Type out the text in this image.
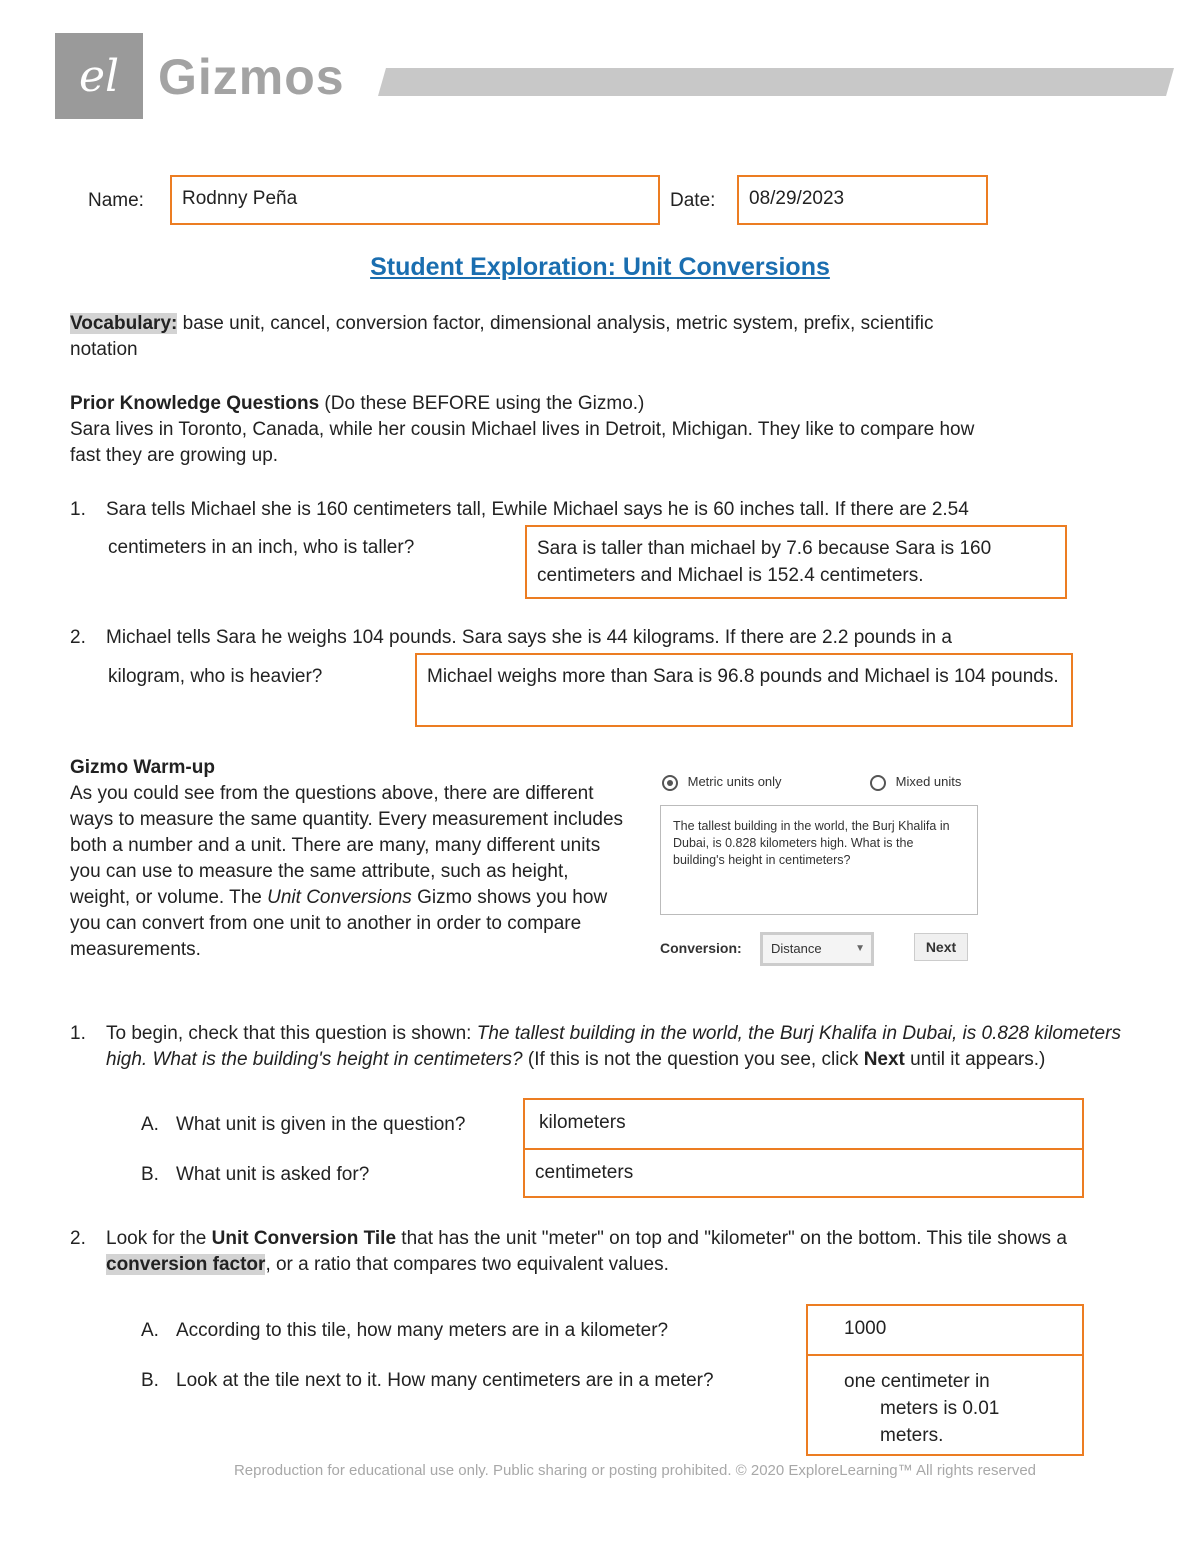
el Gizmos
Name:	Rodnny Peña	Date:	08/29/2023
Student Exploration: Unit Conversions
Vocabulary: base unit, cancel, conversion factor, dimensional analysis, metric system, prefix, scientific
notation
Prior Knowledge Questions (Do these BEFORE using the Gizmo.)
Sara lives in Toronto, Canada, while her cousin Michael lives in Detroit, Michigan. They like to compare how
fast they are growing up.
1. Sara tells Michael she is 160 centimeters tall, Ewhile Michael says he is 60 inches tall. If there are 2.54
centimeters in an inch, who is taller?	Sara is taller than michael by 7.6 because Sara is 160 centimeters and Michael is 152.4 centimeters.
2. Michael tells Sara he weighs 104 pounds. Sara says she is 44 kilograms. If there are 2.2 pounds in a
kilogram, who is heavier?	Michael weighs more than Sara is 96.8 pounds and Michael is 104 pounds.
Gizmo Warm-up
As you could see from the questions above, there are different ways to measure the same quantity. Every measurement includes both a number and a unit. There are many, many different units you can use to measure the same attribute, such as height, weight, or volume. The Unit Conversions Gizmo shows you how you can convert from one unit to another in order to compare measurements.
Metric units only	Mixed units
The tallest building in the world, the Burj Khalifa in Dubai, is 0.828 kilometers high. What is the building's height in centimeters?
Conversion:	Distance	▼	Next
1. To begin, check that this question is shown: The tallest building in the world, the Burj Khalifa in Dubai, is 0.828 kilometers high. What is the building's height in centimeters? (If this is not the question you see, click Next until it appears.)
A. What unit is given in the question?	kilometers
B. What unit is asked for?	centimeters
2. Look for the Unit Conversion Tile that has the unit "meter" on top and "kilometer" on the bottom. This tile shows a conversion factor, or a ratio that compares two equivalent values.
A. According to this tile, how many meters are in a kilometer?	1000
B. Look at the tile next to it. How many centimeters are in a meter?	one centimeter in
meters is 0.01
meters.
Reproduction for educational use only. Public sharing or posting prohibited. © 2020 ExploreLearning™ All rights reserved
